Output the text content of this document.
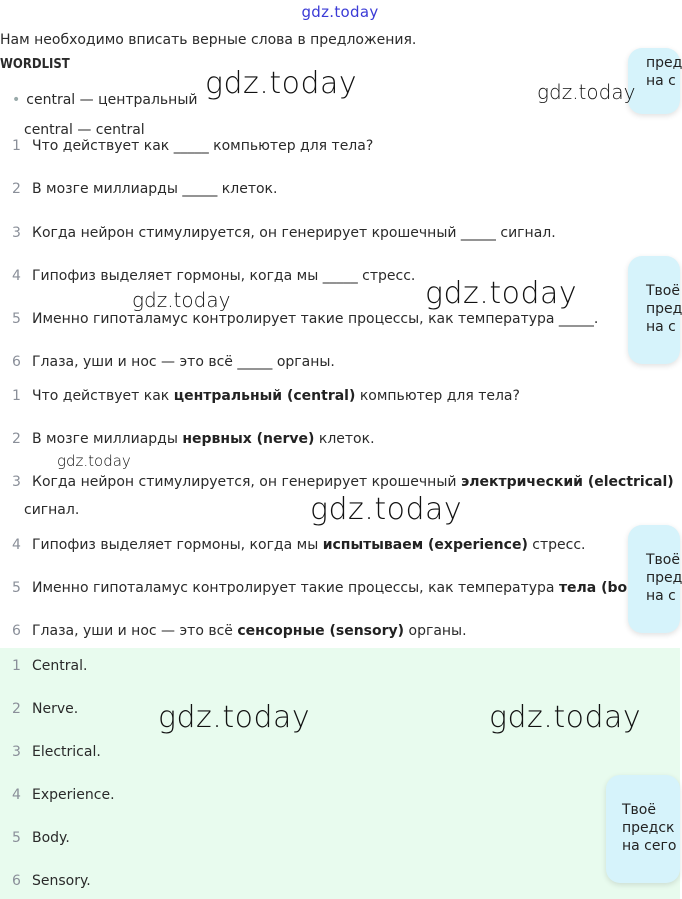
gdz.today
Нам необходимо вписать верные слова в предложения.
WORDLIST
• central — центральный
central — central
1 Что действует как _____ компьютер для тела?
2 В мозге миллиарды _____ клеток.
3 Когда нейрон стимулируется, он генерирует крошечный _____ сигнал.
4 Гипофиз выделяет гормоны, когда мы _____ стресс.
5 Именно гипоталамус контролирует такие процессы, как температура _____.
6 Глаза, уши и нос — это всё _____ органы.
1 Что действует как центральный (central) компьютер для тела?
2 В мозге миллиарды нервных (nerve) клеток.
3 Когда нейрон стимулируется, он генерирует крошечный электрический (electrical)
сигнал.
4 Гипофиз выделяет гормоны, когда мы испытываем (experience) стресс.
5 Именно гипоталамус контролирует такие процессы, как температура тела (bo
6 Глаза, уши и нос — это всё сенсорные (sensory) органы.
1 Central.
2 Nerve.
3 Electrical.
4 Experience.
5 Body.
6 Sensory.
пред
на с
Твоё
пред
на с
Твоё
пред
на с
Твоё
предск
на сего
gdz.today	gdz.today
gdz.today	gdz.today
gdz.today
gdz.today
gdz.today	gdz.today
